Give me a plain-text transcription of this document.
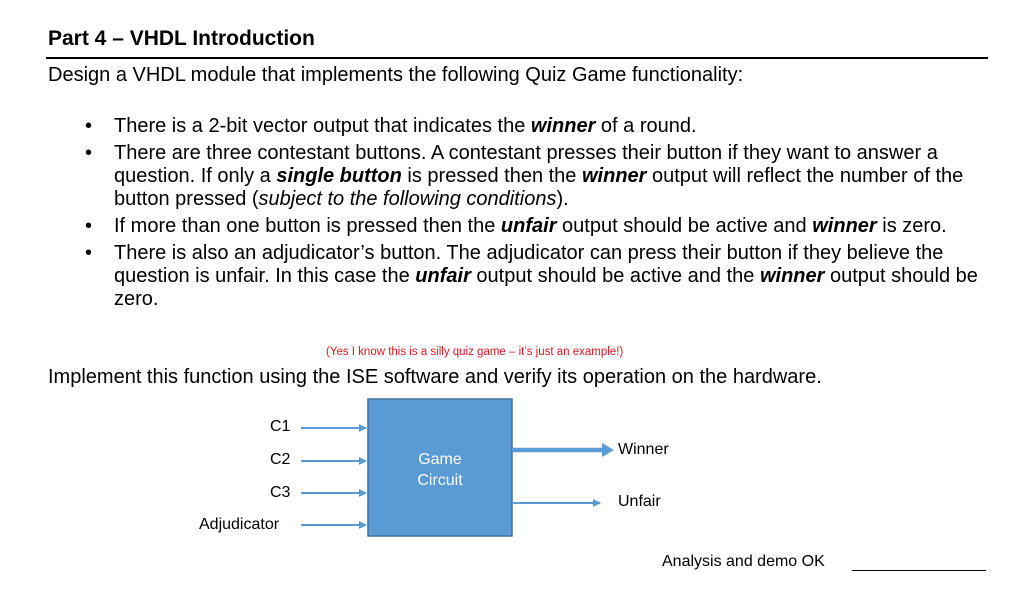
Part 4 – VHDL Introduction
Design a VHDL module that implements the following Quiz Game functionality:
• There is a 2-bit vector output that indicates the winner of a round.
• There are three contestant buttons. A contestant presses their button if they want to answer a question. If only a single button is pressed then the winner output will reflect the number of the button pressed (subject to the following conditions).
• If more than one button is pressed then the unfair output should be active and winner is zero.
• There is also an adjudicator’s button. The adjudicator can press their button if they believe the question is unfair. In this case the unfair output should be active and the winner output should be zero.
(Yes I know this is a silly quiz game – it’s just an example!)
Implement this function using the ISE software and verify its operation on the hardware.
C1
C2
C3
Adjudicator
Game
Circuit
Winner
Unfair
Analysis and demo OK
